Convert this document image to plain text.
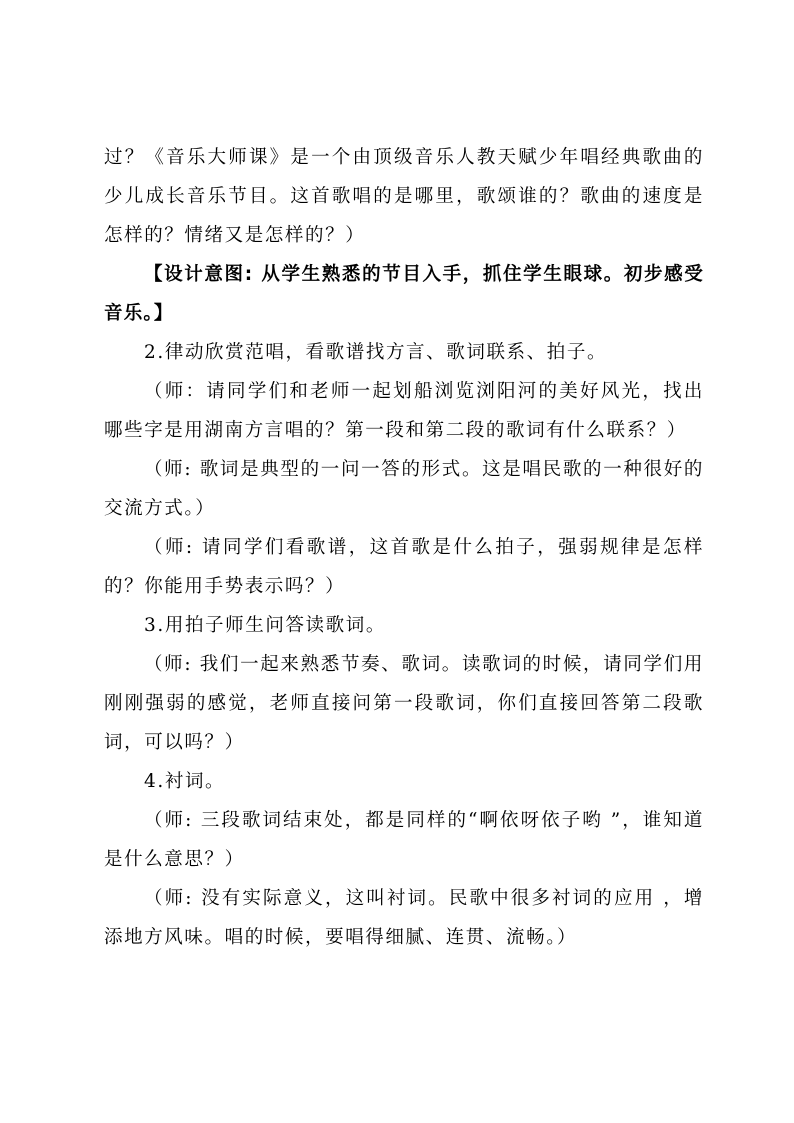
过？《音乐大师课》是一个由顶级音乐人教天赋少年唱经典歌曲的少儿成长音乐节目。这首歌唱的是哪里，歌颂谁的？歌曲的速度是怎样的？情绪又是怎样的？）

【设计意图: 从学生熟悉的节目入手，抓住学生眼球。初步感受音乐。】

2.律动欣赏范唱，看歌谱找方言、歌词联系、拍子。

（师：请同学们和老师一起划船浏览浏阳河的美好风光，找出哪些字是用湖南方言唱的？第一段和第二段的歌词有什么联系？）

（师: 歌词是典型的一问一答的形式。这是唱民歌的一种很好的交流方式。）

（师: 请同学们看歌谱，这首歌是什么拍子，强弱规律是怎样的？你能用手势表示吗？）

3.用拍子师生问答读歌词。

（师: 我们一起来熟悉节奏、歌词。读歌词的时候，请同学们用刚刚强弱的感觉，老师直接问第一段歌词，你们直接回答第二段歌词，可以吗？）

4.衬词。

（师: 三段歌词结束处，都是同样的“啊依呀依子哟 ”，谁知道是什么意思？）

（师: 没有实际意义，这叫衬词。民歌中很多衬词的应用 ，增添地方风味。唱的时候，要唱得细腻、连贯、流畅。）
